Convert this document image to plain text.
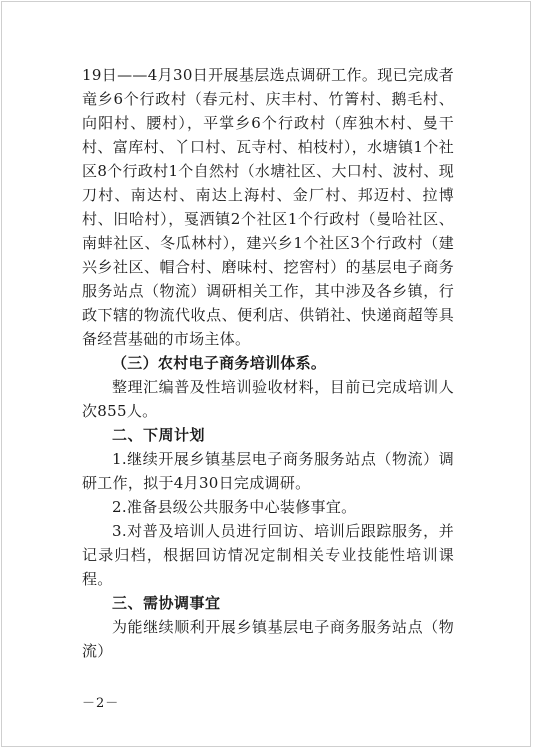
19日——4月30日开展基层选点调研工作。现已完成者竜乡6个行政村（春元村、庆丰村、竹箐村、鹅毛村、向阳村、腰村），平掌乡6个行政村（库独木村、曼干村、富库村、丫口村、瓦寺村、柏枝村），水塘镇1个社区8个行政村1个自然村（水塘社区、大口村、波村、现刀村、南达村、南达上海村、金厂村、邦迈村、拉博村、旧哈村），戛洒镇2个社区1个行政村（曼哈社区、南蚌社区、冬瓜林村），建兴乡1个社区3个行政村（建兴乡社区、帽合村、磨味村、挖窖村）的基层电子商务服务站点（物流）调研相关工作，其中涉及各乡镇，行政下辖的物流代收点、便利店、供销社、快递商超等具备经营基础的市场主体。

（三）农村电子商务培训体系。

整理汇编普及性培训验收材料，目前已完成培训人次855人。

二、下周计划

1.继续开展乡镇基层电子商务服务站点（物流）调研工作，拟于4月30日完成调研。

2.准备县级公共服务中心装修事宜。

3.对普及培训人员进行回访、培训后跟踪服务，并记录归档，根据回访情况定制相关专业技能性培训课程。

三、需协调事宜

为能继续顺利开展乡镇基层电子商务服务站点（物流）

－2－
